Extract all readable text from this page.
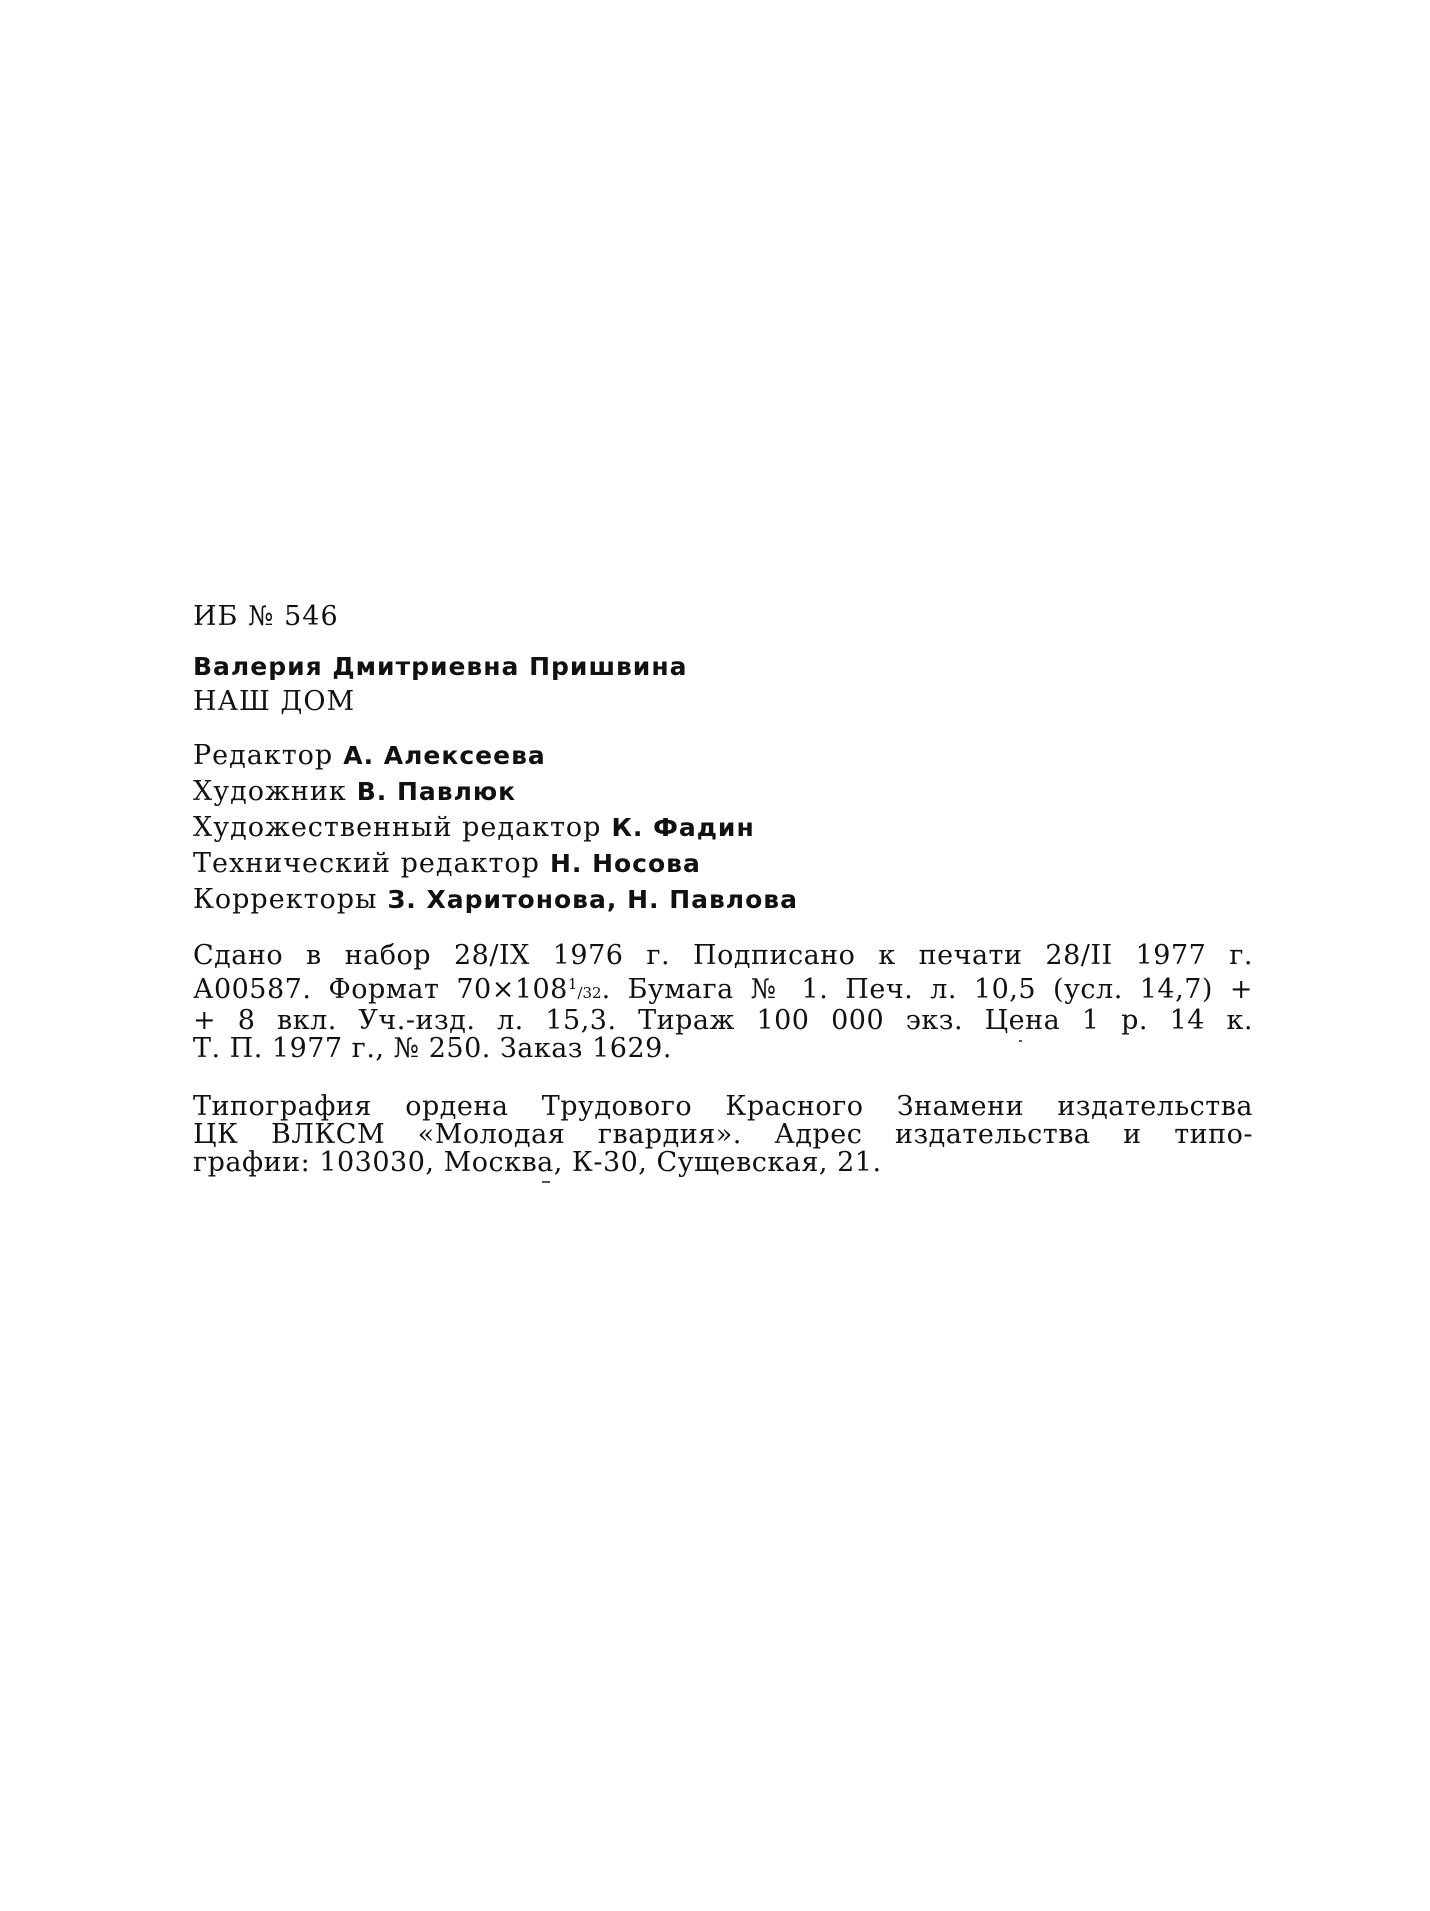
ИБ № 546

Валерия Дмитриевна Пришвина

НАШ ДОМ

Редактор А. Алексеева
Художник В. Павлюк
Художественный редактор К. Фадин
Технический редактор Н. Носова
Корректоры З. Харитонова, Н. Павлова
Сдано в набор 28/IX 1976 г. Подписано к печати 28/II 1977 г.
А00587. Формат $70\times 108^1/32$. Бумага № 1. Печ. л. 10,5 (усл. 14,7) +
+ 8 вкл. Уч.-изд. л. 15,3. Тираж 100 000 экз. Цена 1 р. 14 к.
Т. П. 1977 г., № 250. Заказ 1629.
Типография ордена Трудового Красного Знамени издательства
ЦК ВЛКСМ «Молодая гвардия». Адрес издательства и типо-
графии: 103030, Москва, К-30, Сущевская, 21.
